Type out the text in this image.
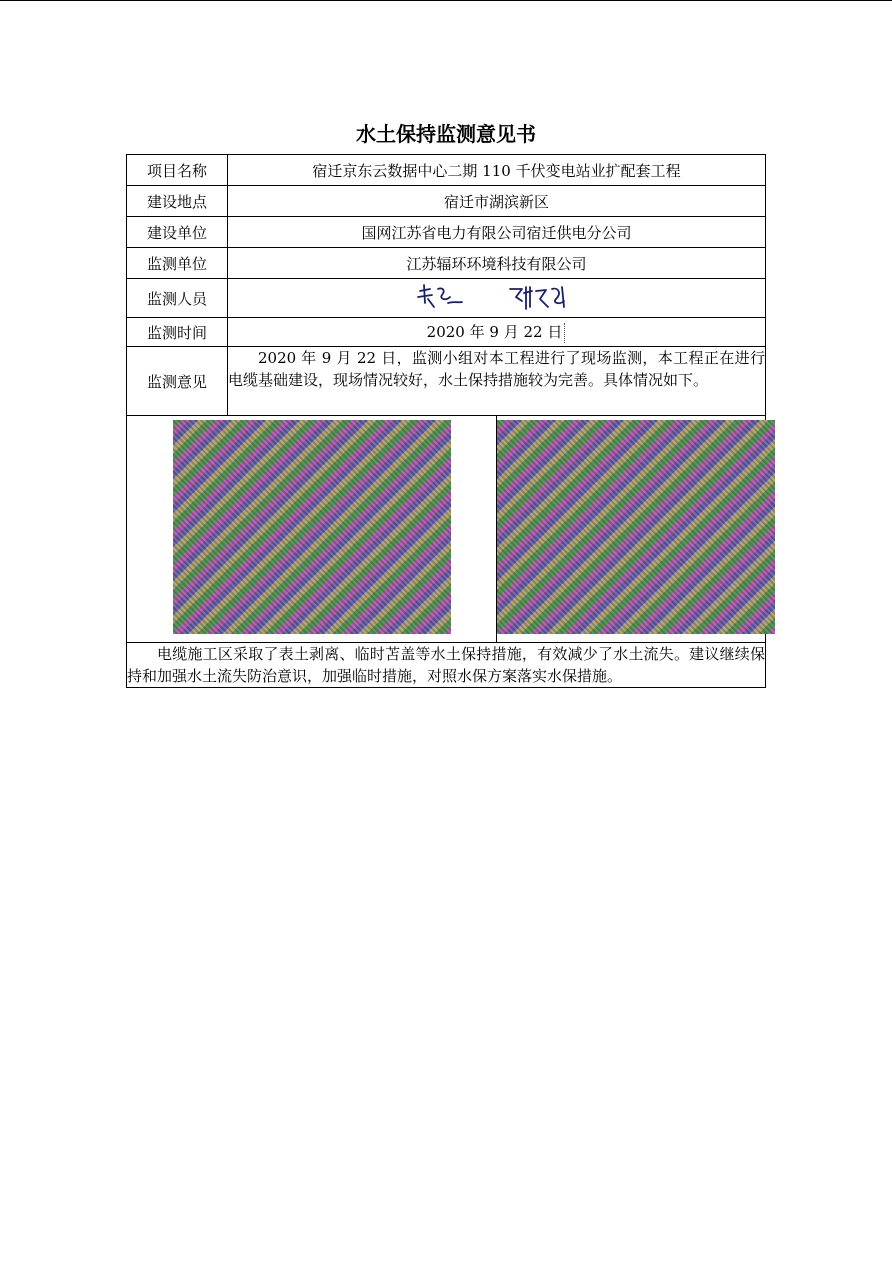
水土保持监测意见书
项目名称	宿迁京东云数据中心二期 110 千伏变电站业扩配套工程	
建设地点	宿迁市湖滨新区	
建设单位	国网江苏省电力有限公司宿迁供电分公司	
监测单位	江苏辐环环境科技有限公司	
监测人员	
监测时间	2020 年 9 月 22 日	
监测意见	2020 年 9 月 22 日，监测小组对本工程进行了现场监测，本工程正在进行电缆基础建设，现场情况较好，水土保持措施较为完善。具体情况如下。	

电缆施工区采取了表土剥离、临时苫盖等水土保持措施，有效减少了水土流失。建议继续保持和加强水土流失防治意识，加强临时措施，对照水保方案落实水保措施。		
